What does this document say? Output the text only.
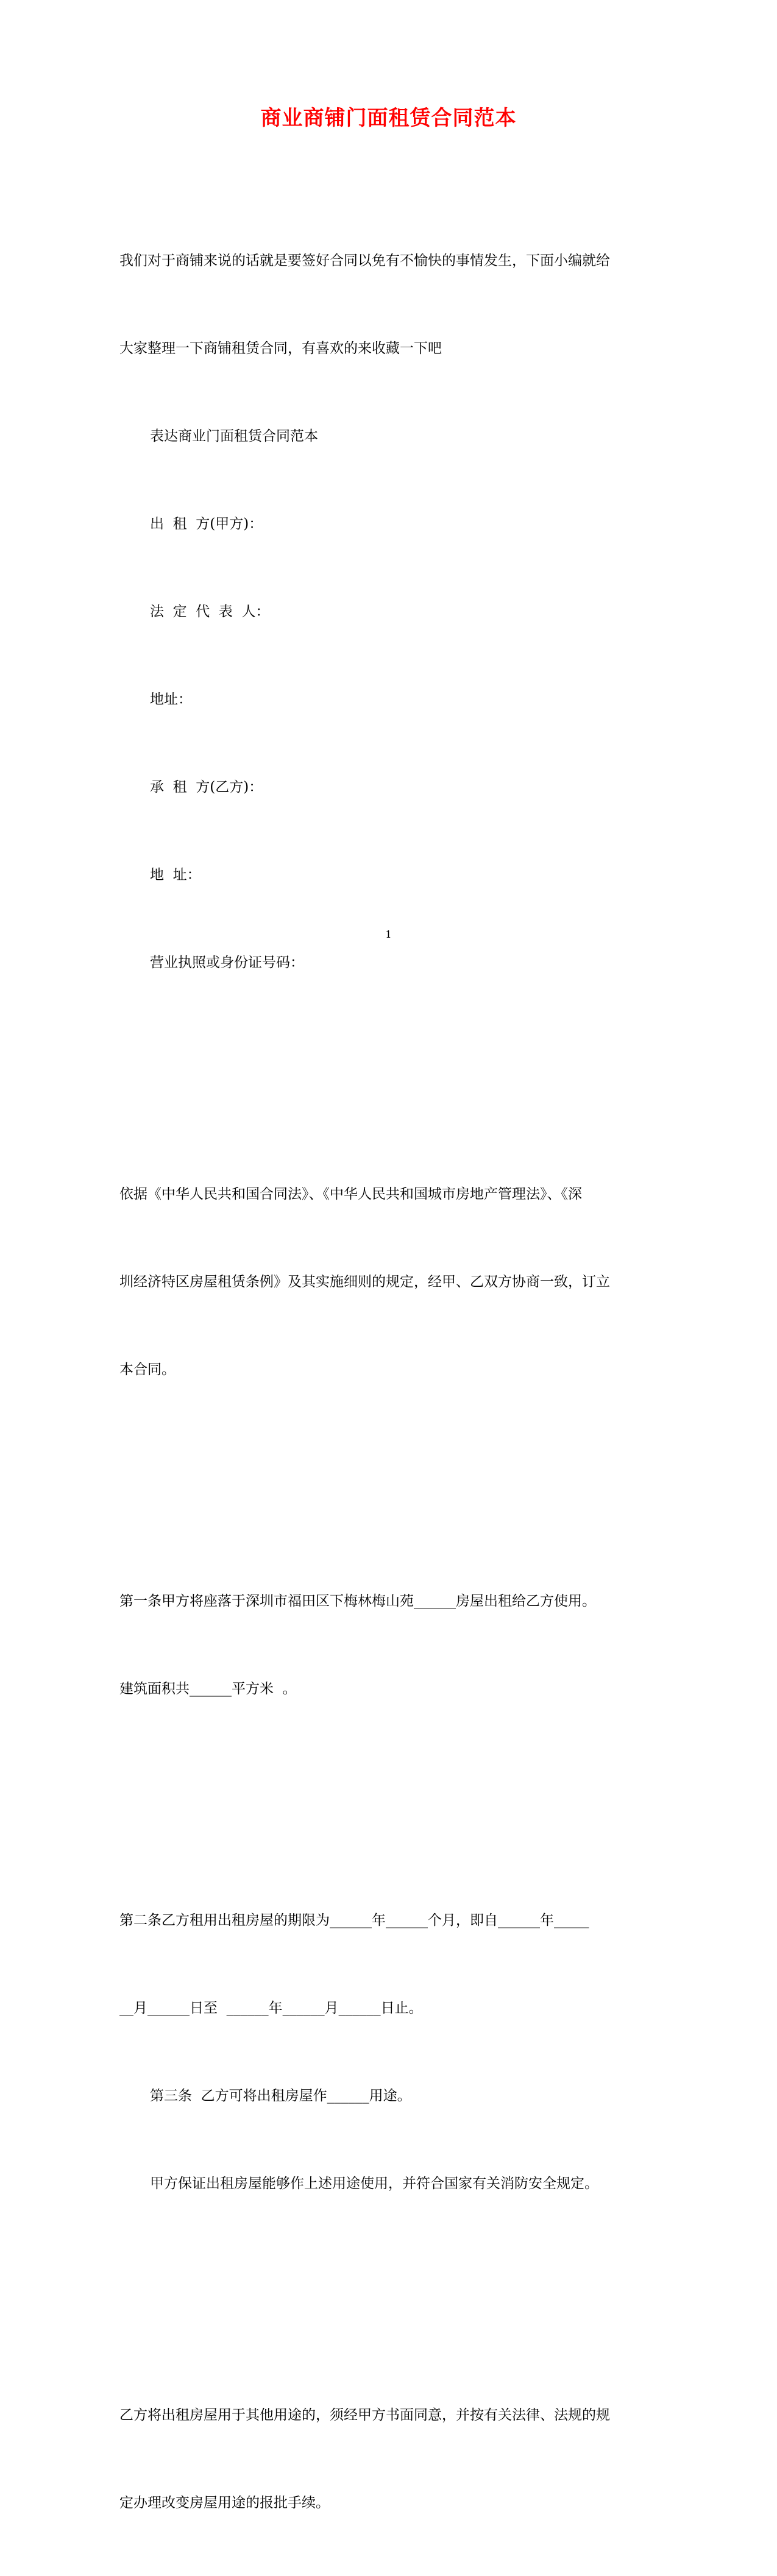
商业商铺门面租赁合同范本

我们对于商铺来说的话就是要签好合同以免有不愉快的事情发生，下面小编就给

大家整理一下商铺租赁合同，有喜欢的来收藏一下吧

表达商业门面租赁合同范本

出  租  方(甲方)：

法  定  代  表  人：

地址：

承  租  方(乙方)：

地  址：

营业执照或身份证号码：

依据《中华人民共和国合同法》、《中华人民共和国城市房地产管理法》、《深

圳经济特区房屋租赁条例》及其实施细则的规定，经甲、乙双方协商一致，订立

本合同。

第一条甲方将座落于深圳市福田区下梅林梅山苑______房屋出租给乙方使用。

建筑面积共______平方米  。

第二条乙方租用出租房屋的期限为______年______个月，即自______年_____

__月______日至  ______年______月______日止。

第三条  乙方可将出租房屋作______用途。

甲方保证出租房屋能够作上述用途使用，并符合国家有关消防安全规定。

乙方将出租房屋用于其他用途的，须经甲方书面同意，并按有关法律、法规的规

定办理改变房屋用途的报批手续。

1
